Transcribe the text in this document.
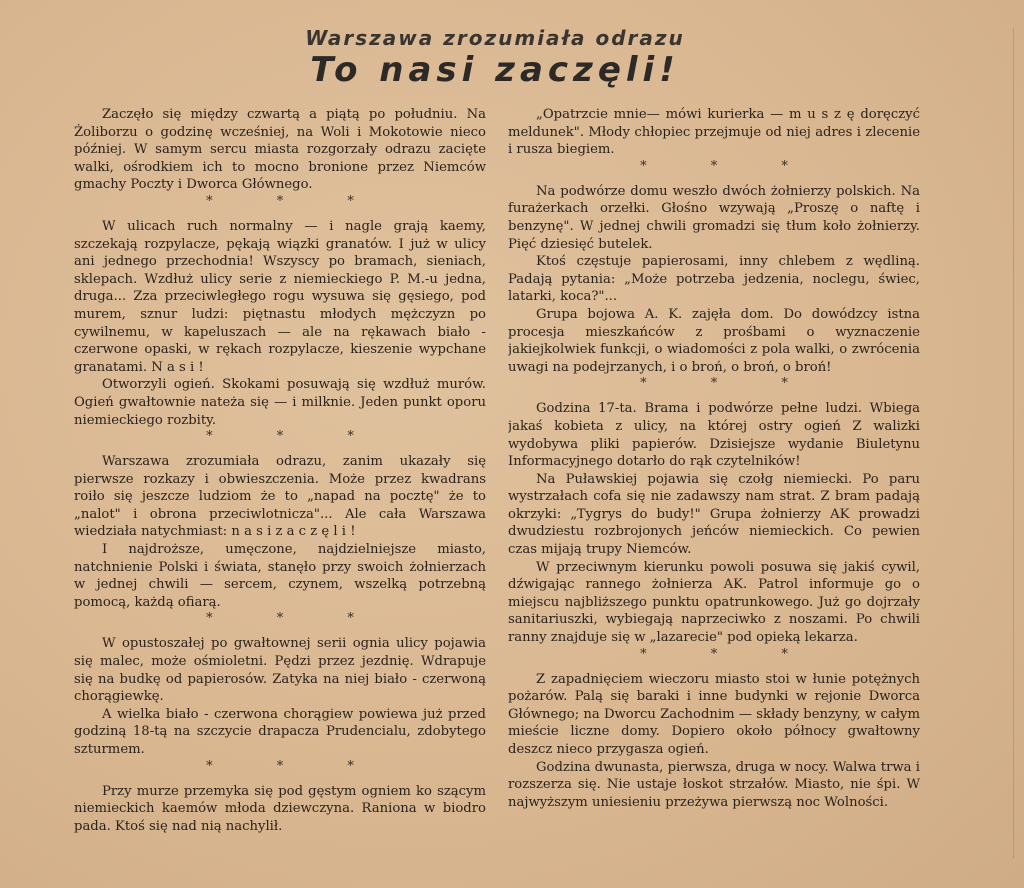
Warszawa zrozumiała odrazu
To nasi zaczęli!

Zaczęło się między czwartą a piątą po południu. Na Żoliborzu o godzinę wcześniej, na Woli i Mokotowie nieco później. W samym sercu miasta rozgorzały odrazu zacięte walki, ośrodkiem ich to mocno bronione przez Niemców gmachy Poczty i Dworca Głównego.

* * *

W ulicach ruch normalny — i nagle grają kaemy, szczekają rozpylacze, pękają wiązki granatów. I już w ulicy ani jednego przechodnia! Wszyscy po bramach, sieniach, sklepach. Wzdłuż ulicy serie z niemieckiego P. M.-u jedna, druga... Zza przeciwległego rogu wysuwa się gęsiego, pod murem, sznur ludzi: piętnastu młodych mężczyzn po cywilnemu, w kapeluszach — ale na rękawach biało - czerwone opaski, w rękach rozpylacze, kieszenie wypchane granatami. N a s i !

Otworzyli ogień. Skokami posuwają się wzdłuż murów. Ogień gwałtownie nateża się — i milknie. Jeden punkt oporu niemieckiego rozbity.

* * *

Warszawa zrozumiała odrazu, zanim ukazały się pierwsze rozkazy i obwieszczenia. Może przez kwadrans roiło się jeszcze ludziom że to „napad na pocztę" że to „nalot" i obrona przeciwlotnicza"... Ale cała Warszawa wiedziała natychmiast: n a s i z a c z ę l i !

I najdroższe, umęczone, najdzielniejsze miasto, natchnienie Polski i świata, stanęło przy swoich żołnierzach w jednej chwili — sercem, czynem, wszelką potrzebną pomocą, każdą ofiarą.

* * *

W opustoszałej po gwałtownej serii ognia ulicy pojawia się malec, może ośmioletni. Pędzi przez jezdnię. Wdrapuje się na budkę od papierosów. Zatyka na niej biało - czerwoną chorągiewkę.

A wielka biało - czerwona chorągiew powiewa już przed godziną 18-tą na szczycie drapacza Prudencialu, zdobytego szturmem.

* * *

Przy murze przemyka się pod gęstym ogniem ko szącym niemieckich kaemów młoda dziewczyna. Raniona w biodro pada. Ktoś się nad nią nachylił.

„Opatrzcie mnie— mówi kurierka — m u s z ę doręczyć meldunek". Młody chłopiec przejmuje od niej adres i zlecenie i rusza biegiem.

* * *

Na podwórze domu weszło dwóch żołnierzy polskich. Na furażerkach orzełki. Głośno wzywają „Proszę o naftę i benzynę". W jednej chwili gromadzi się tłum koło żołnierzy. Pięć dziesięć butelek.

Ktoś częstuje papierosami, inny chlebem z wędliną. Padają pytania: „Może potrzeba jedzenia, noclegu, świec, latarki, koca?"...

Grupa bojowa A. K. zajęła dom. Do dowódzcy istna procesja mieszkańców z prośbami o wyznaczenie jakiejkolwiek funkcji, o wiadomości z pola walki, o zwrócenia uwagi na podejrzanych, i o broń, o broń, o broń!

* * *

Godzina 17-ta. Brama i podwórze pełne ludzi. Wbiega jakaś kobieta z ulicy, na której ostry ogień Z walizki wydobywa pliki papierów. Dzisiejsze wydanie Biuletynu Informacyjnego dotarło do rąk czytelników!

Na Puławskiej pojawia się czołg niemiecki. Po paru wystrzałach cofa się nie zadawszy nam strat. Z bram padają okrzyki: „Tygrys do budy!" Grupa żołnierzy AK prowadzi dwudziestu rozbrojonych jeńców niemieckich. Co pewien czas mijają trupy Niemców.

W przeciwnym kierunku powoli posuwa się jakiś cywil, dźwigając rannego żołnierza AK. Patrol informuje go o miejscu najbliższego punktu opatrunkowego. Już go dojrzały sanitariuszki, wybiegają naprzeciwko z noszami. Po chwili ranny znajduje się w „lazarecie" pod opieką lekarza.

* * *

Z zapadnięciem wieczoru miasto stoi w łunie potężnych pożarów. Palą się baraki i inne budynki w rejonie Dworca Głównego; na Dworcu Zachodnim — składy benzyny, w całym mieście liczne domy. Dopiero około północy gwałtowny deszcz nieco przygasza ogień.

Godzina dwunasta, pierwsza, druga w nocy. Walwa trwa i rozszerza się. Nie ustaje łoskot strzałów. Miasto, nie śpi. W najwyższym uniesieniu przeżywa pierwszą noc Wolności.
